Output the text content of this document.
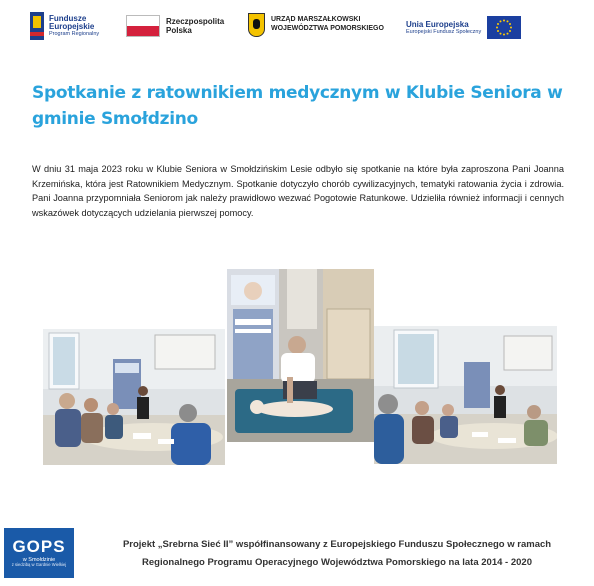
Fundusze
Europejskie
Program Regionalny
Rzeczpospolita
Polska
URZĄD MARSZAŁKOWSKI
WOJEWÓDZTWA POMORSKIEGO	Unia Europejska
Europejski Fundusz Społeczny
Spotkanie z ratownikiem medycznym w Klubie Seniora w gminie Smołdzino

W dniu 31 maja 2023 roku w Klubie Seniora w Smołdzińskim Lesie odbyło się spotkanie na które była zaproszona Pani Joanna Krzemińska, która jest Ratownikiem Medycznym. Spotkanie dotyczyło chorób cywilizacyjnych, tematyki ratowania życia i zdrowia. Pani Joanna przypomniała Seniorom jak należy prawidłowo wezwać Pogotowie Ratunkowe. Udzieliła również informacji i cennych wskazówek dotyczących udzielania pierwszej pomocy.

GOPS
w Smołdzinie
z siedzibą w Gardnie Wielkiej
Projekt „Srebrna Sieć II” współfinansowany z Europejskiego Funduszu Społecznego w ramach
Regionalnego Programu Operacyjnego Województwa Pomorskiego na lata 2014 - 2020
